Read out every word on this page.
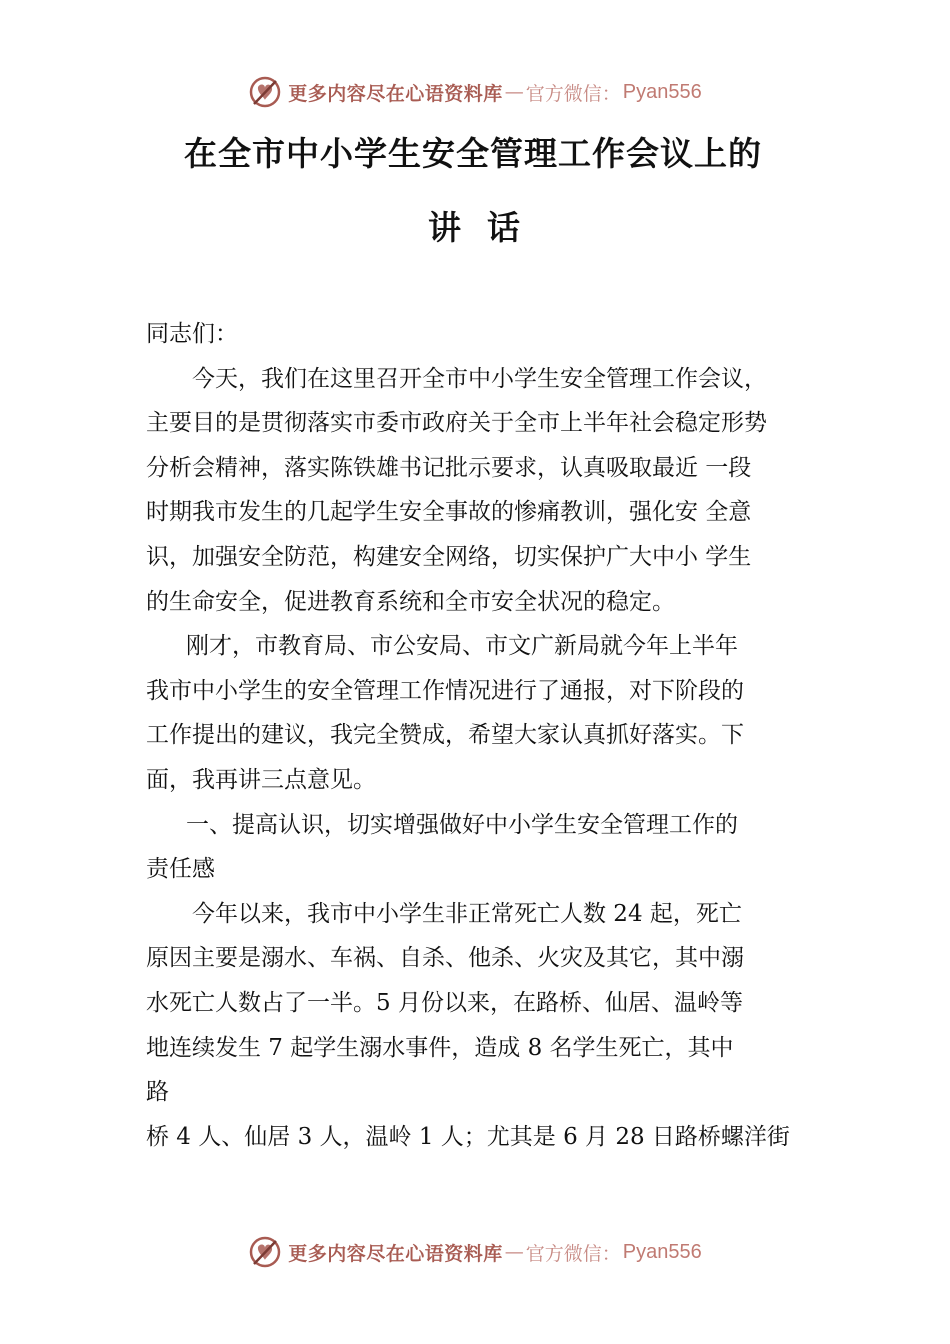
更多内容尽在心语资料库 — 官方微信： Pyan556
在全市中小学生安全管理工作会议上的
讲话

同志们：

今天，我们在这里召开全市中小学生安全管理工作会议，

主要目的是贯彻落实市委市政府关于全市上半年社会稳定形势

分析会精神，落实陈铁雄书记批示要求，认真吸取最近 一段

时期我市发生的几起学生安全事故的惨痛教训，强化安 全意

识，加强安全防范，构建安全网络，切实保护广大中小 学生

的生命安全，促进教育系统和全市安全状况的稳定。

刚才，市教育局、市公安局、市文广新局就今年上半年

我市中小学生的安全管理工作情况进行了通报，对下阶段的

工作提出的建议，我完全赞成，希望大家认真抓好落实。下

面，我再讲三点意见。

一、提高认识，切实增强做好中小学生安全管理工作的

责任感

今年以来，我市中小学生非正常死亡人数 24 起，死亡

原因主要是溺水、车祸、自杀、他杀、火灾及其它，其中溺

水死亡人数占了一半。5 月份以来，在路桥、仙居、温岭等

地连续发生 7 起学生溺水事件，造成 8 名学生死亡，其中

路

桥 4 人、仙居 3 人，温岭 1 人；尤其是 6 月 28 日路桥螺洋街

更多内容尽在心语资料库 — 官方微信： Pyan556
